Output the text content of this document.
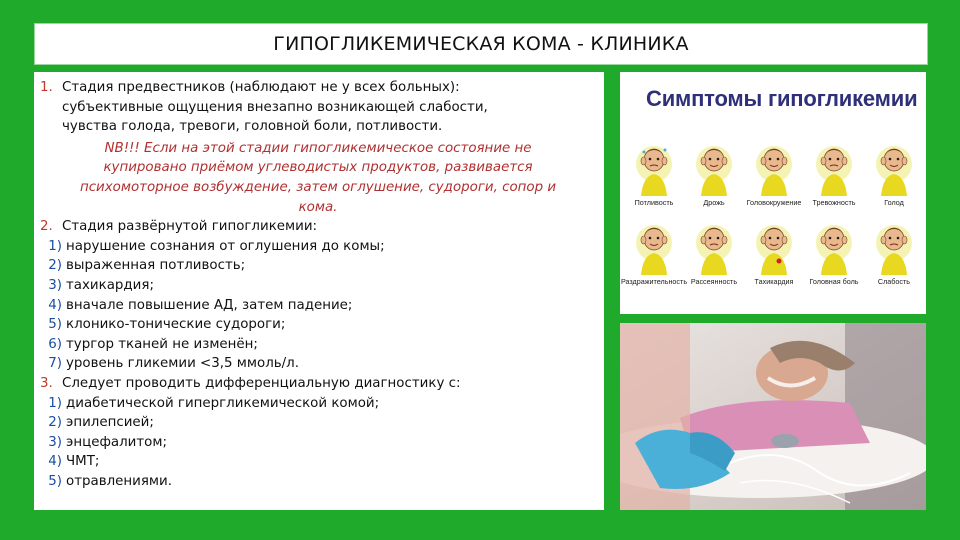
ГИПОГЛИКЕМИЧЕСКАЯ КОМА - КЛИНИКА
1. Стадия предвестников (наблюдают не у всех больных):
субъективные ощущения внезапно возникающей слабости,
чувства голода, тревоги, головной боли, потливости.
NB!!! Если на этой стадии гипогликемическое состояние не
купировано приёмом углеводистых продуктов, развивается
психомоторное возбуждение, затем оглушение, судороги, сопор и
кома.
2. Стадия развёрнутой гипогликемии:
1) нарушение сознания от оглушения до комы;
2) выраженная потливость;
3) тахикардия;
4) вначале повышение АД, затем падение;
5) клонико-тонические судороги;
6) тургор тканей не изменён;
7) уровень гликемии <3,5 ммоль/л.
3. Следует проводить дифференциальную диагностику с:
1) диабетической гипергликемической комой;
2) эпилепсией;
3) энцефалитом;
4) ЧМТ;
5) отравлениями.
Симптомы гипогликемии
Потливость	Дрожь	Головокружение Тревожность	Голод
Раздражительность Рассеянность Тахикардия Головная боль	Слабость
